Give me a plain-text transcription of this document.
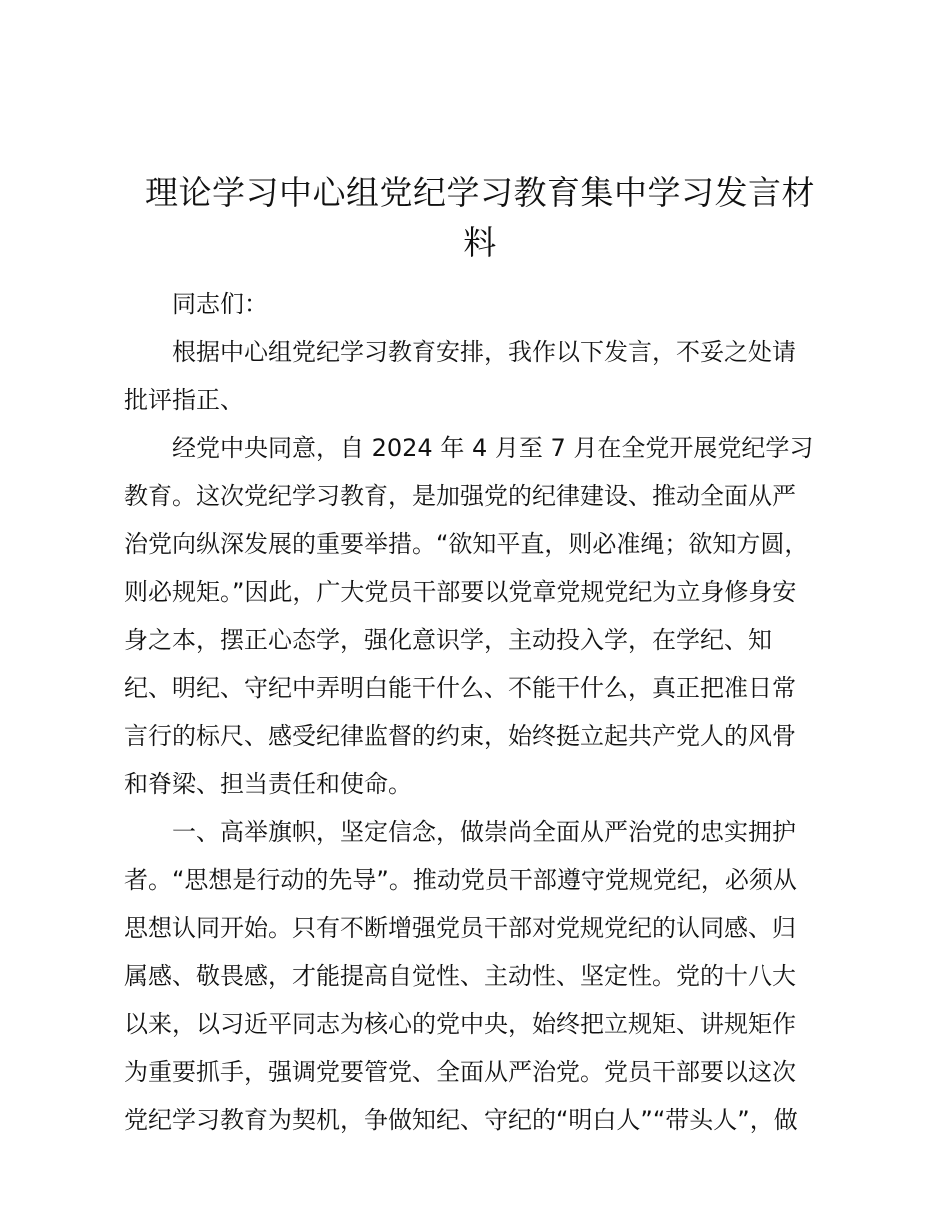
理论学习中心组党纪学习教育集中学习发言材
料
同志们：
根据中心组党纪学习教育安排，我作以下发言，不妥之处请
批评指正、
经党中央同意，自 2024 年 4 月至 7 月在全党开展党纪学习
教育。这次党纪学习教育，是加强党的纪律建设、推动全面从严
治党向纵深发展的重要举措。“欲知平直，则必准绳；欲知方圆，
则必规矩。”因此，广大党员干部要以党章党规党纪为立身修身安
身之本，摆正心态学，强化意识学，主动投入学，在学纪、知
纪、明纪、守纪中弄明白能干什么、不能干什么，真正把准日常
言行的标尺、感受纪律监督的约束，始终挺立起共产党人的风骨
和脊梁、担当责任和使命。
一、高举旗帜，坚定信念，做崇尚全面从严治党的忠实拥护
者。“思想是行动的先导”。推动党员干部遵守党规党纪，必须从
思想认同开始。只有不断增强党员干部对党规党纪的认同感、归
属感、敬畏感，才能提高自觉性、主动性、坚定性。党的十八大
以来，以习近平同志为核心的党中央，始终把立规矩、讲规矩作
为重要抓手，强调党要管党、全面从严治党。党员干部要以这次
党纪学习教育为契机，争做知纪、守纪的“明白人”“带头人”，做
